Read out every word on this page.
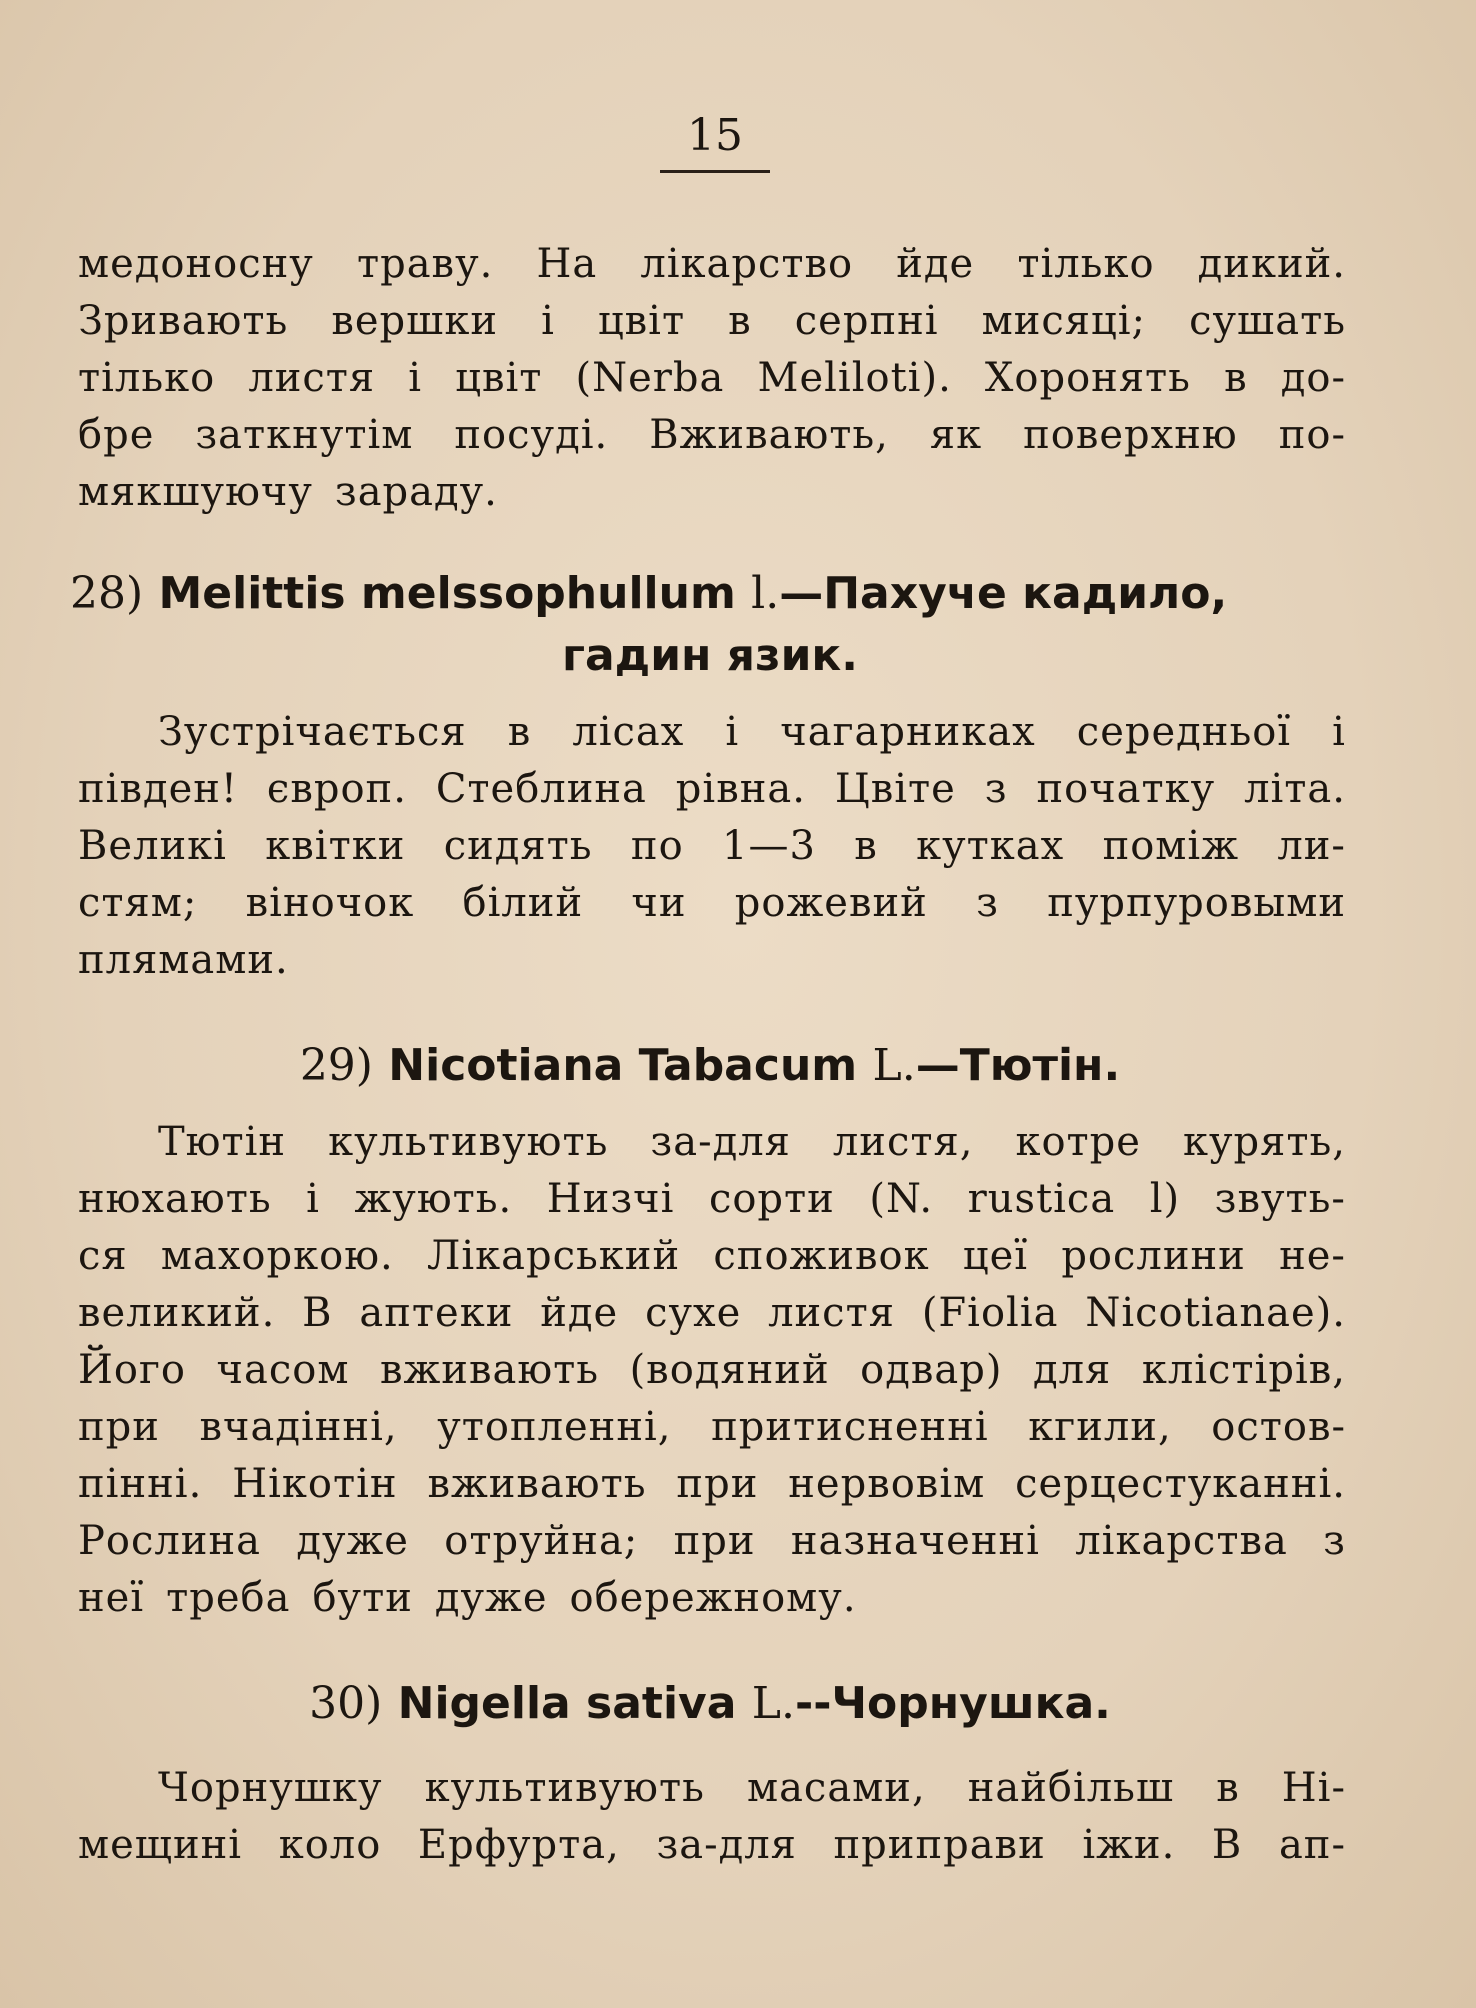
15
медоносну траву. На лікарство йде тілько дикий.
Зривають вершки і цвіт в серпні мисяці; сушать
тілько листя і цвіт (Nerba Meliloti). Хоронять в до-
бре заткнутім посуді. Вживають, як поверхню по-
мякшуючу зараду.
28) Melittis melssophullum l.—Пахуче кадило,
гадин язик.
Зустрічається в лісах і чагарниках середньої і
півден! європ. Стеблина рівна. Цвіте з початку літа.
Великі квітки сидять по 1—3 в кутках поміж ли-
стям; віночок білий чи рожевий з пурпуровыми
плямами.
29) Nicotiana Tabacum L.—Тютін.
Тютін культивують за-для листя, котре курять,
нюхають і жують. Низчі сорти (N. rustica l) звуть-
ся махоркою. Лікарський споживок цеї рослини не-
великий. В аптеки йде сухе листя (Fiolia Nicotianae).
Його часом вживають (водяний одвар) для клістірів,
при вчадінні, утопленні, притисненні кгили, остов-
пінні. Нікотін вживають при нервовім серцестуканні.
Рослина дуже отруйна; при назначенні лікарства з
неї треба бути дуже обережному.
30) Nigella sativa L.--Чорнушка.
Чорнушку культивують масами, найбільш в Ні-
мещині коло Ерфурта, за-для приправи іжи. В ап-
